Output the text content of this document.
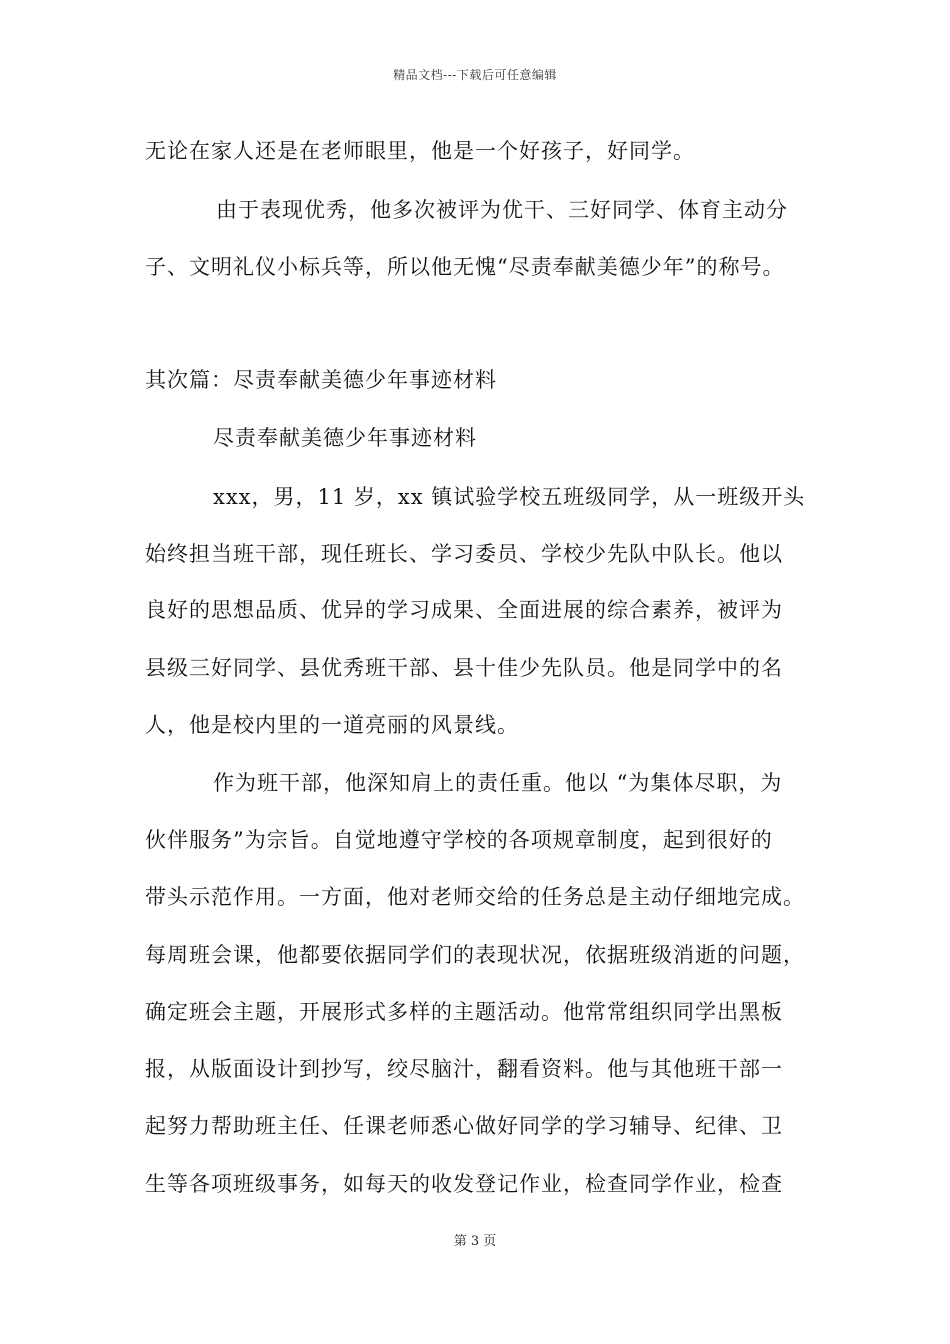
精品文档---下载后可任意编辑
无论在家人还是在老师眼里，他是一个好孩子，好同学。
由于表现优秀，他多次被评为优干、三好同学、体育主动分
子、文明礼仪小标兵等，所以他无愧“尽责奉献美德少年”的称号。
其次篇：尽责奉献美德少年事迹材料
尽责奉献美德少年事迹材料
xxx，男，11 岁，xx 镇试验学校五班级同学，从一班级开头
始终担当班干部，现任班长、学习委员、学校少先队中队长。他以
良好的思想品质、优异的学习成果、全面进展的综合素养，被评为
县级三好同学、县优秀班干部、县十佳少先队员。他是同学中的名
人，他是校内里的一道亮丽的风景线。
作为班干部，他深知肩上的责任重。他以 “为集体尽职，为
伙伴服务”为宗旨。自觉地遵守学校的各项规章制度，起到很好的
带头示范作用。一方面，他对老师交给的任务总是主动仔细地完成。
每周班会课，他都要依据同学们的表现状况，依据班级消逝的问题，
确定班会主题，开展形式多样的主题活动。他常常组织同学出黑板
报，从版面设计到抄写，绞尽脑汁，翻看资料。他与其他班干部一
起努力帮助班主任、任课老师悉心做好同学的学习辅导、纪律、卫
生等各项班级事务，如每天的收发登记作业，检查同学作业，检查
第 3 页
